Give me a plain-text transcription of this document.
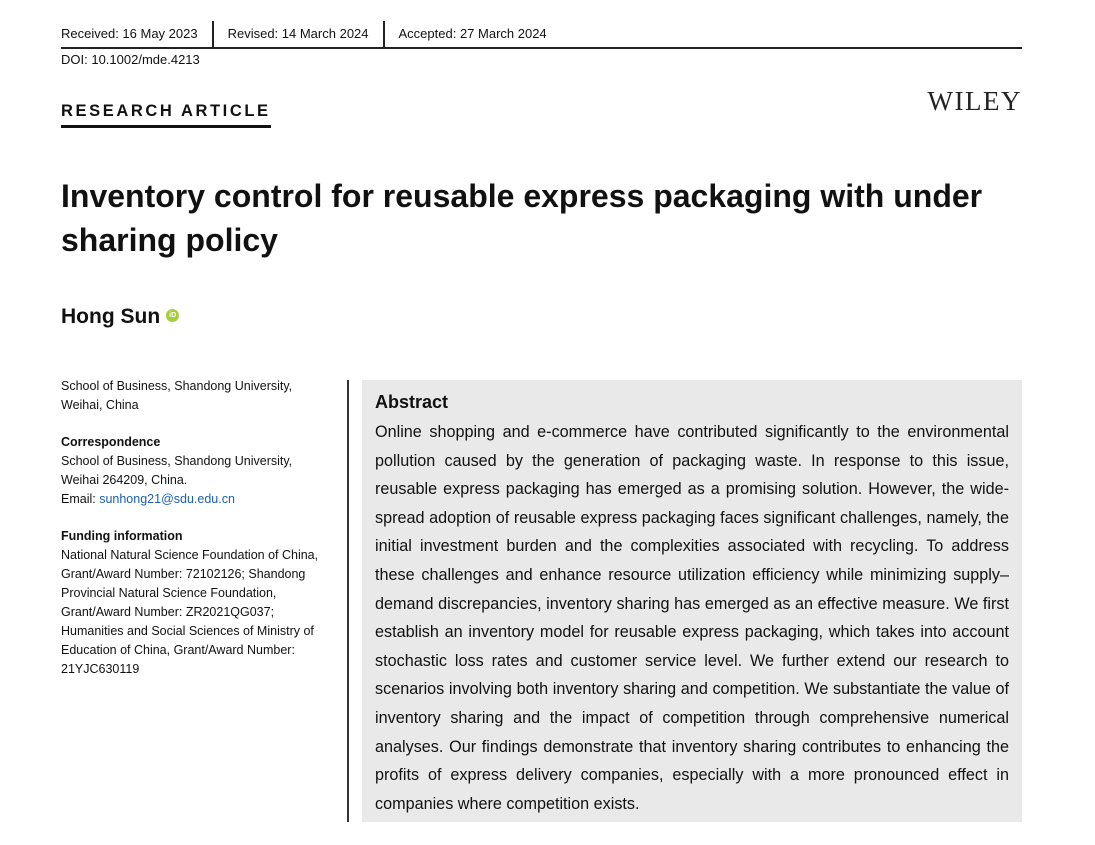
Received: 16 May 2023	Revised: 14 March 2024	Accepted: 27 March 2024
DOI: 10.1002/mde.4213
RESEARCH ARTICLE	WILEY
Inventory control for reusable express packaging with under sharing policy
Hong Sun	iD

School of Business, Shandong University,

Weihai, China

Correspondence

School of Business, Shandong University,

Weihai 264209, China.

Email: sunhong21@sdu.edu.cn

Funding information

National Natural Science Foundation of China,

Grant/Award Number: 72102126; Shandong

Provincial Natural Science Foundation,

Grant/Award Number: ZR2021QG037;

Humanities and Social Sciences of Ministry of

Education of China, Grant/Award Number:

21YJC630119

Abstract

Online shopping and e-commerce have contributed significantly to the environmental pollution caused by the generation of packaging waste. In response to this issue, reusable express packaging has emerged as a promising solution. However, the widespread adoption of reusable express packaging faces significant challenges, namely, the initial investment burden and the complexities associated with recycling. To address these challenges and enhance resource utilization efficiency while minimizing supply–demand discrepancies, inventory sharing has emerged as an effective measure. We first establish an inventory model for reusable express packaging, which takes into account stochastic loss rates and customer service level. We further extend our research to scenarios involving both inventory sharing and competition. We substantiate the value of inventory sharing and the impact of competition through comprehensive numerical analyses. Our findings demonstrate that inventory sharing contributes to enhancing the profits of express delivery companies, especially with a more pronounced effect in companies where competition exists.
